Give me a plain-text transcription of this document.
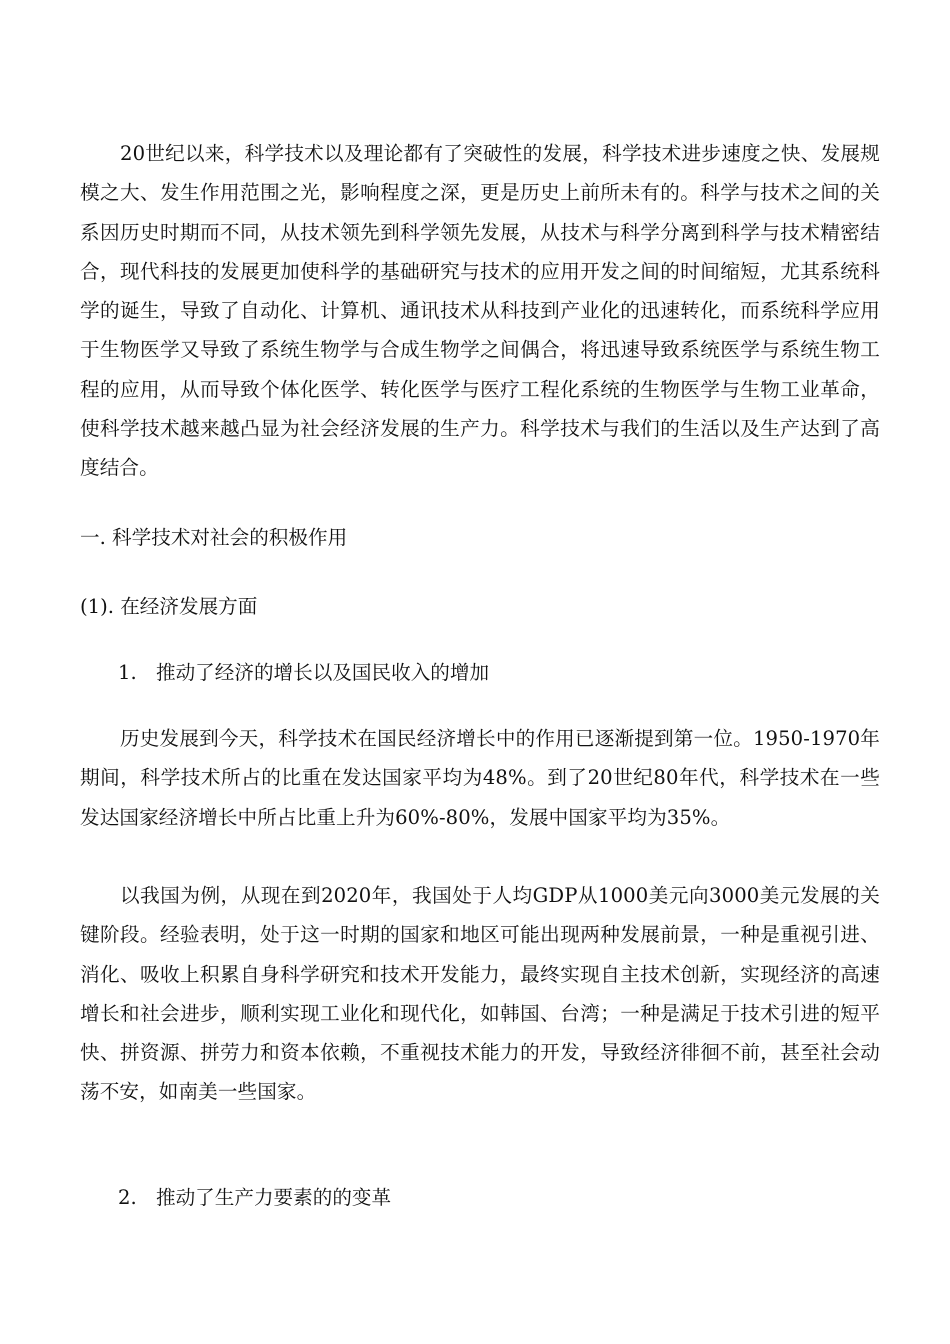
20世纪以来，科学技术以及理论都有了突破性的发展，科学技术进步速度之快、发展规模之大、发生作用范围之光，影响程度之深，更是历史上前所未有的。科学与技术之间的关系因历史时期而不同，从技术领先到科学领先发展，从技术与科学分离到科学与技术精密结合，现代科技的发展更加使科学的基础研究与技术的应用开发之间的时间缩短，尤其系统科学的诞生，导致了自动化、计算机、通讯技术从科技到产业化的迅速转化，而系统科学应用于生物医学又导致了系统生物学与合成生物学之间偶合，将迅速导致系统医学与系统生物工程的应用，从而导致个体化医学、转化医学与医疗工程化系统的生物医学与生物工业革命，使科学技术越来越凸显为社会经济发展的生产力。科学技术与我们的生活以及生产达到了高度结合。

一. 科学技术对社会的积极作用

(1). 在经济发展方面

1. 推动了经济的增长以及国民收入的增加

历史发展到今天，科学技术在国民经济增长中的作用已逐渐提到第一位。1950-1970年期间，科学技术所占的比重在发达国家平均为48%。到了20世纪80年代，科学技术在一些发达国家经济增长中所占比重上升为60%-80%，发展中国家平均为35%。

以我国为例，从现在到2020年，我国处于人均GDP从1000美元向3000美元发展的关键阶段。经验表明，处于这一时期的国家和地区可能出现两种发展前景，一种是重视引进、消化、吸收上积累自身科学研究和技术开发能力，最终实现自主技术创新，实现经济的高速增长和社会进步，顺利实现工业化和现代化，如韩国、台湾；一种是满足于技术引进的短平快、拼资源、拼劳力和资本依赖，不重视技术能力的开发，导致经济徘徊不前，甚至社会动荡不安，如南美一些国家。

2. 推动了生产力要素的的变革
